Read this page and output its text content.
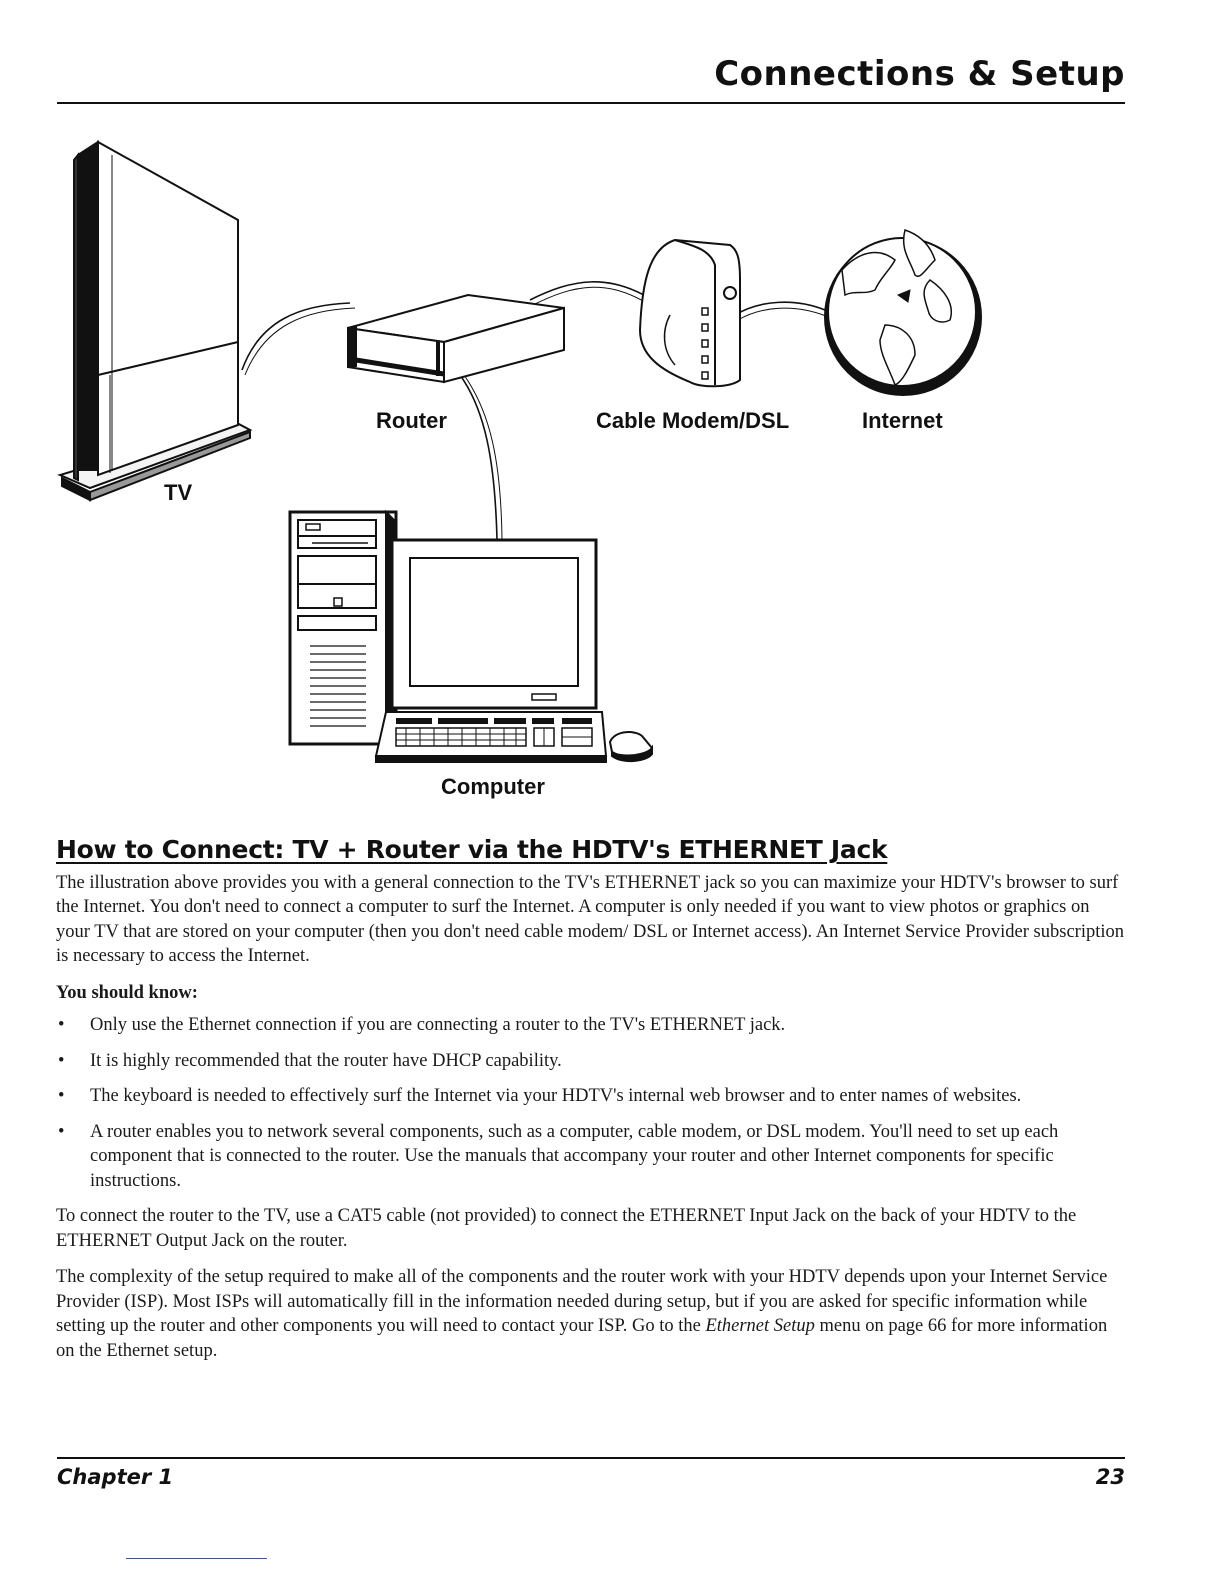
Connections & Setup
TV
Router	Cable Modem/DSL	Internet
Computer
How to Connect: TV + Router via the HDTV's ETHERNET Jack

The illustration above provides you with a general connection to the TV's ETHERNET jack so you can maximize your HDTV's browser to surf the Internet. You don't need to connect a computer to surf the Internet. A computer is only needed if you want to view photos or graphics on your TV that are stored on your computer (then you don't need cable modem/ DSL or Internet access). An Internet Service Provider subscription is necessary to access the Internet.

You should know:

• Only use the Ethernet connection if you are connecting a router to the TV's ETHERNET jack.
• It is highly recommended that the router have DHCP capability.
• The keyboard is needed to effectively surf the Internet via your HDTV's internal web browser and to enter names of websites.
• A router enables you to network several components, such as a computer, cable modem, or DSL modem. You'll need to set up each component that is connected to the router. Use the manuals that accompany your router and other Internet components for specific instructions.

To connect the router to the TV, use a CAT5 cable (not provided) to connect the ETHERNET Input Jack on the back of your HDTV to the ETHERNET Output Jack on the router.

The complexity of the setup required to make all of the components and the router work with your HDTV depends upon your Internet Service Provider (ISP). Most ISPs will automatically fill in the information needed during setup, but if you are asked for specific information while setting up the router and other components you will need to contact your ISP. Go to the Ethernet Setup menu on page 66 for more information on the Ethernet setup.

Chapter 1	23
